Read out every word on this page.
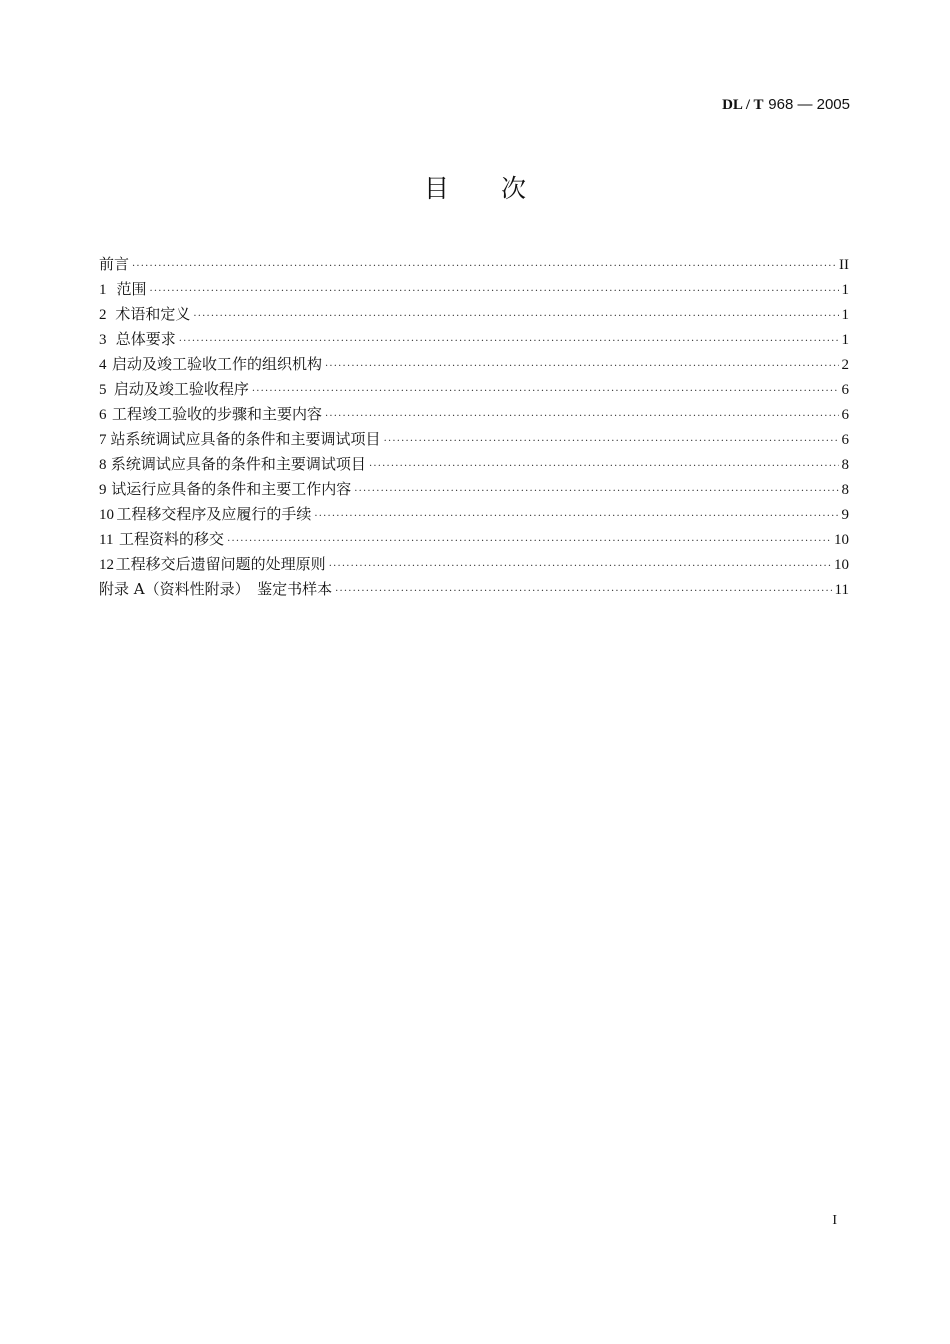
DL / T 968 — 2005
目次
前言 ·····	II
1 范围 ·····	1
2 术语和定义 ·····	1
3 总体要求 ·····	1
4 启动及竣工验收工作的组织机构 ·····	2
5 启动及竣工验收程序 ·····	6
6 工程竣工验收的步骤和主要内容 ·····	6
7 站系统调试应具备的条件和主要调试项目 ·····	6
8 系统调试应具备的条件和主要调试项目 ·····	8
9 试运行应具备的条件和主要工作内容 ·····	8
10 工程移交程序及应履行的手续 ·····	9
11 工程资料的移交 ·····	10
12 工程移交后遗留问题的处理原则 ·····	10
附录 A（资料性附录）　鉴定书样本 ·····	11
I
